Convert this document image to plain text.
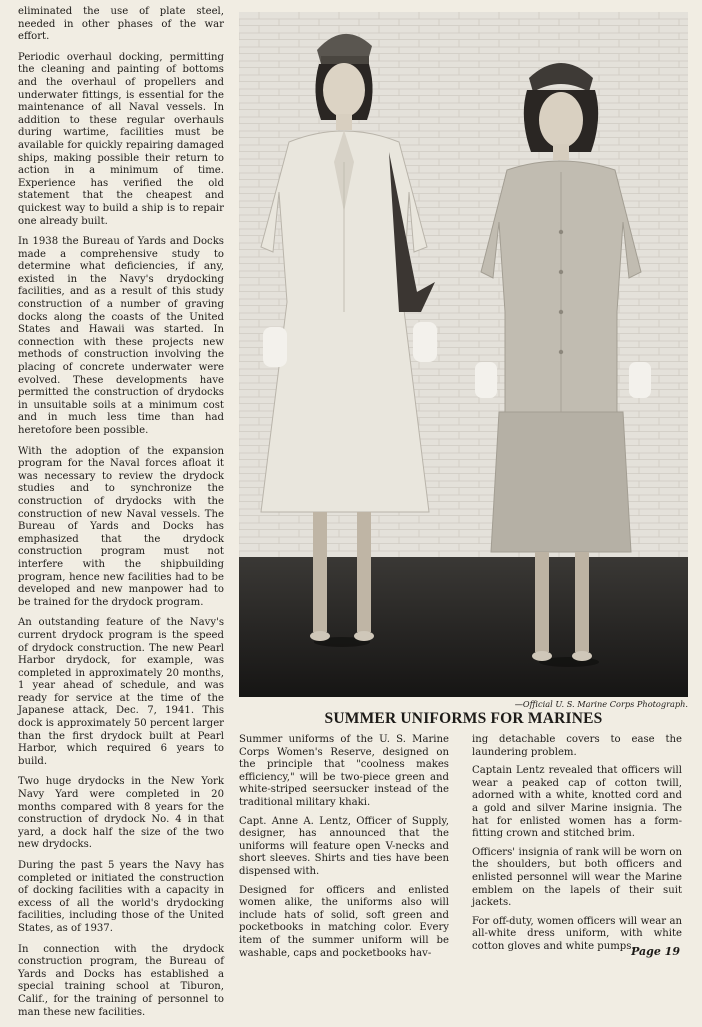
eliminated the use of plate steel, needed in other phases of the war effort.

Periodic overhaul docking, permitting the cleaning and painting of bottoms and the overhaul of propellers and underwater fittings, is essential for the maintenance of all Naval vessels. In addition to these regular overhauls during wartime, facilities must be available for quickly repairing damaged ships, making possible their return to action in a minimum of time. Experience has verified the old statement that the cheapest and quickest way to build a ship is to repair one already built.

In 1938 the Bureau of Yards and Docks made a comprehensive study to determine what deficiencies, if any, existed in the Navy's drydocking facilities, and as a result of this study construction of a number of graving docks along the coasts of the United States and Hawaii was started. In connection with these projects new methods of construction involving the placing of concrete underwater were evolved. These developments have permitted the construction of drydocks in unsuitable soils at a minimum cost and in much less time than had heretofore been possible.

With the adoption of the expansion program for the Naval forces afloat it was necessary to review the drydock studies and to synchronize the construction of drydocks with the construction of new Naval vessels. The Bureau of Yards and Docks has emphasized that the drydock construction program must not interfere with the shipbuilding program, hence new facilities had to be developed and new manpower had to be trained for the drydock program.

An outstanding feature of the Navy's current drydock program is the speed of drydock construction. The new Pearl Harbor drydock, for example, was completed in approximately 20 months, 1 year ahead of schedule, and was ready for service at the time of the Japanese attack, Dec. 7, 1941. This dock is approximately 50 percent larger than the first drydock built at Pearl Harbor, which required 6 years to build.

Two huge drydocks in the New York Navy Yard were completed in 20 months compared with 8 years for the construction of drydock No. 4 in that yard, a dock half the size of the two new drydocks.

During the past 5 years the Navy has completed or initiated the construction of docking facilities with a capacity in excess of all the world's drydocking facilities, including those of the United States, as of 1937.

In connection with the drydock construction program, the Bureau of Yards and Docks has established a special training school at Tiburon, Calif., for the training of personnel to man these new facilities.

—Official U. S. Marine Corps Photograph.
SUMMER UNIFORMS FOR MARINES

Summer uniforms of the U. S. Marine Corps Women's Reserve, designed on the principle that "coolness makes efficiency," will be two-piece green and white-striped seersucker instead of the traditional military khaki.

Capt. Anne A. Lentz, Officer of Supply, designer, has announced that the uniforms will feature open V-necks and short sleeves. Shirts and ties have been dispensed with.

Designed for officers and enlisted women alike, the uniforms also will include hats of solid, soft green and pocketbooks in matching color. Every item of the summer uniform will be washable, caps and pocketbooks hav-

ing detachable covers to ease the laundering problem.

Captain Lentz revealed that officers will wear a peaked cap of cotton twill, adorned with a white, knotted cord and a gold and silver Marine insignia. The hat for enlisted women has a form-fitting crown and stitched brim.

Officers' insignia of rank will be worn on the shoulders, but both officers and enlisted personnel will wear the Marine emblem on the lapels of their suit jackets.

For off-duty, women officers will wear an all-white dress uniform, with white cotton gloves and white pumps.

Page 19
